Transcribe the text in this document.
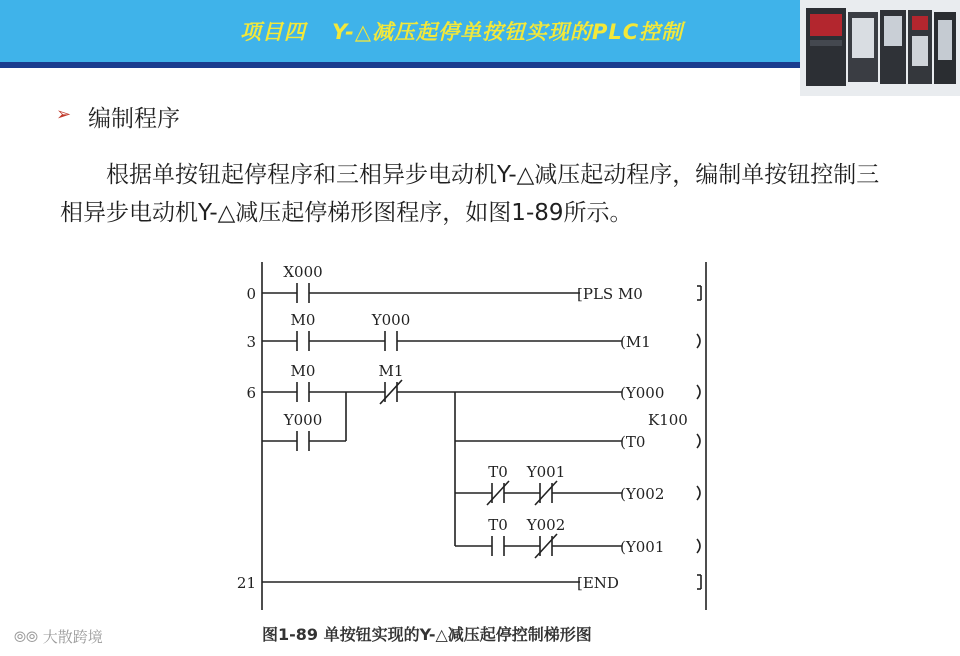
项目四 Y-△减压起停单按钮实现的PLC控制
➢ 编制程序
根据单按钮起停程序和三相异步电动机Y-△减压起动程序，编制单按钮控制三相异步电动机Y-△减压起停梯形图程序，如图1-89所示。
0
3
6
21
X000
[PLS M0
M0	Y000
(M1
M0
Y000
M1
(Y000
K100
(T0
T0 Y001
(Y002
T0 Y002
(Y001
[END
图1-89 单按钮实现的Y-△减压起停控制梯形图
⦾⦾ 大散跨境
